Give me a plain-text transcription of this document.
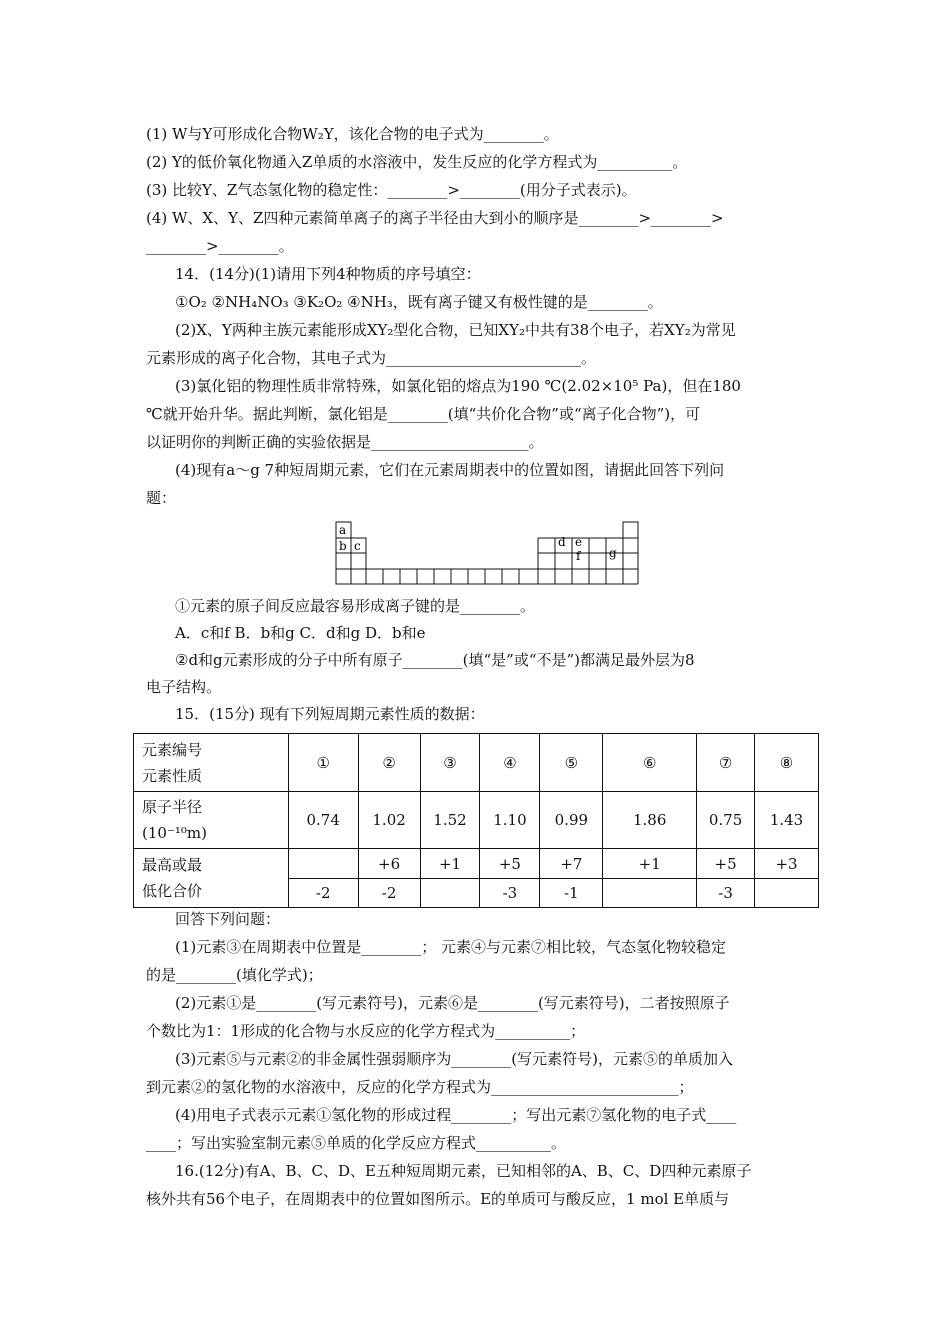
(1) W与Y可形成化合物W₂Y，该化合物的电子式为________。
(2) Y的低价氧化物通入Z单质的水溶液中，发生反应的化学方程式为__________。
(3) 比较Y、Z气态氢化物的稳定性：________>________(用分子式表示)。
(4) W、X、Y、Z四种元素简单离子的离子半径由大到小的顺序是________>________>
________>________。
14．(14分)(1)请用下列4种物质的序号填空：
①O₂ ②NH₄NO₃ ③K₂O₂ ④NH₃，既有离子键又有极性键的是________。
(2)X、Y两种主族元素能形成XY₂型化合物，已知XY₂中共有38个电子，若XY₂为常见
元素形成的离子化合物，其电子式为__________________________。
(3)氯化铝的物理性质非常特殊，如氯化铝的熔点为190 ℃(2.02×10⁵ Pa)，但在180
℃就开始升华。据此判断，氯化铝是________(填“共价化合物”或“离子化合物”)，可
以证明你的判断正确的实验依据是_____________________。
(4)现有a～g 7种短周期元素，它们在元素周期表中的位置如图，请据此回答下列问
题：
a
b c	d e
f g
①元素的原子间反应最容易形成离子键的是________。
A．c和f B．b和g C．d和g D．b和e
②d和g元素形成的分子中所有原子________(填“是”或“不是”)都满足最外层为8
电子结构。
15．(15分) 现有下列短周期元素性质的数据：
元素编号
元素性质	①	②	③	④	⑤	⑥	⑦	⑧

原子半径
(10⁻¹⁰m)	0.74	1.02	1.52	1.10	0.99	1.86	0.75	1.43

最高或最
低化合价		+6	+1	+5	+7	+1	+5	+3
	-2	-2		-3	-1		-3	
回答下列问题：
(1)元素③在周期表中位置是________； 元素④与元素⑦相比较，气态氢化物较稳定
的是________(填化学式)；
(2)元素①是________(写元素符号)，元素⑥是________(写元素符号)，二者按照原子
个数比为1：1形成的化合物与水反应的化学方程式为__________；
(3)元素⑤与元素②的非金属性强弱顺序为________(写元素符号)，元素⑤的单质加入
到元素②的氢化物的水溶液中，反应的化学方程式为_________________________；
(4)用电子式表示元素①氢化物的形成过程________；写出元素⑦氢化物的电子式____
____；写出实验室制元素⑤单质的化学反应方程式__________。
16.(12分)有A、B、C、D、E五种短周期元素，已知相邻的A、B、C、D四种元素原子
核外共有56个电子，在周期表中的位置如图所示。E的单质可与酸反应，1 mol E单质与
